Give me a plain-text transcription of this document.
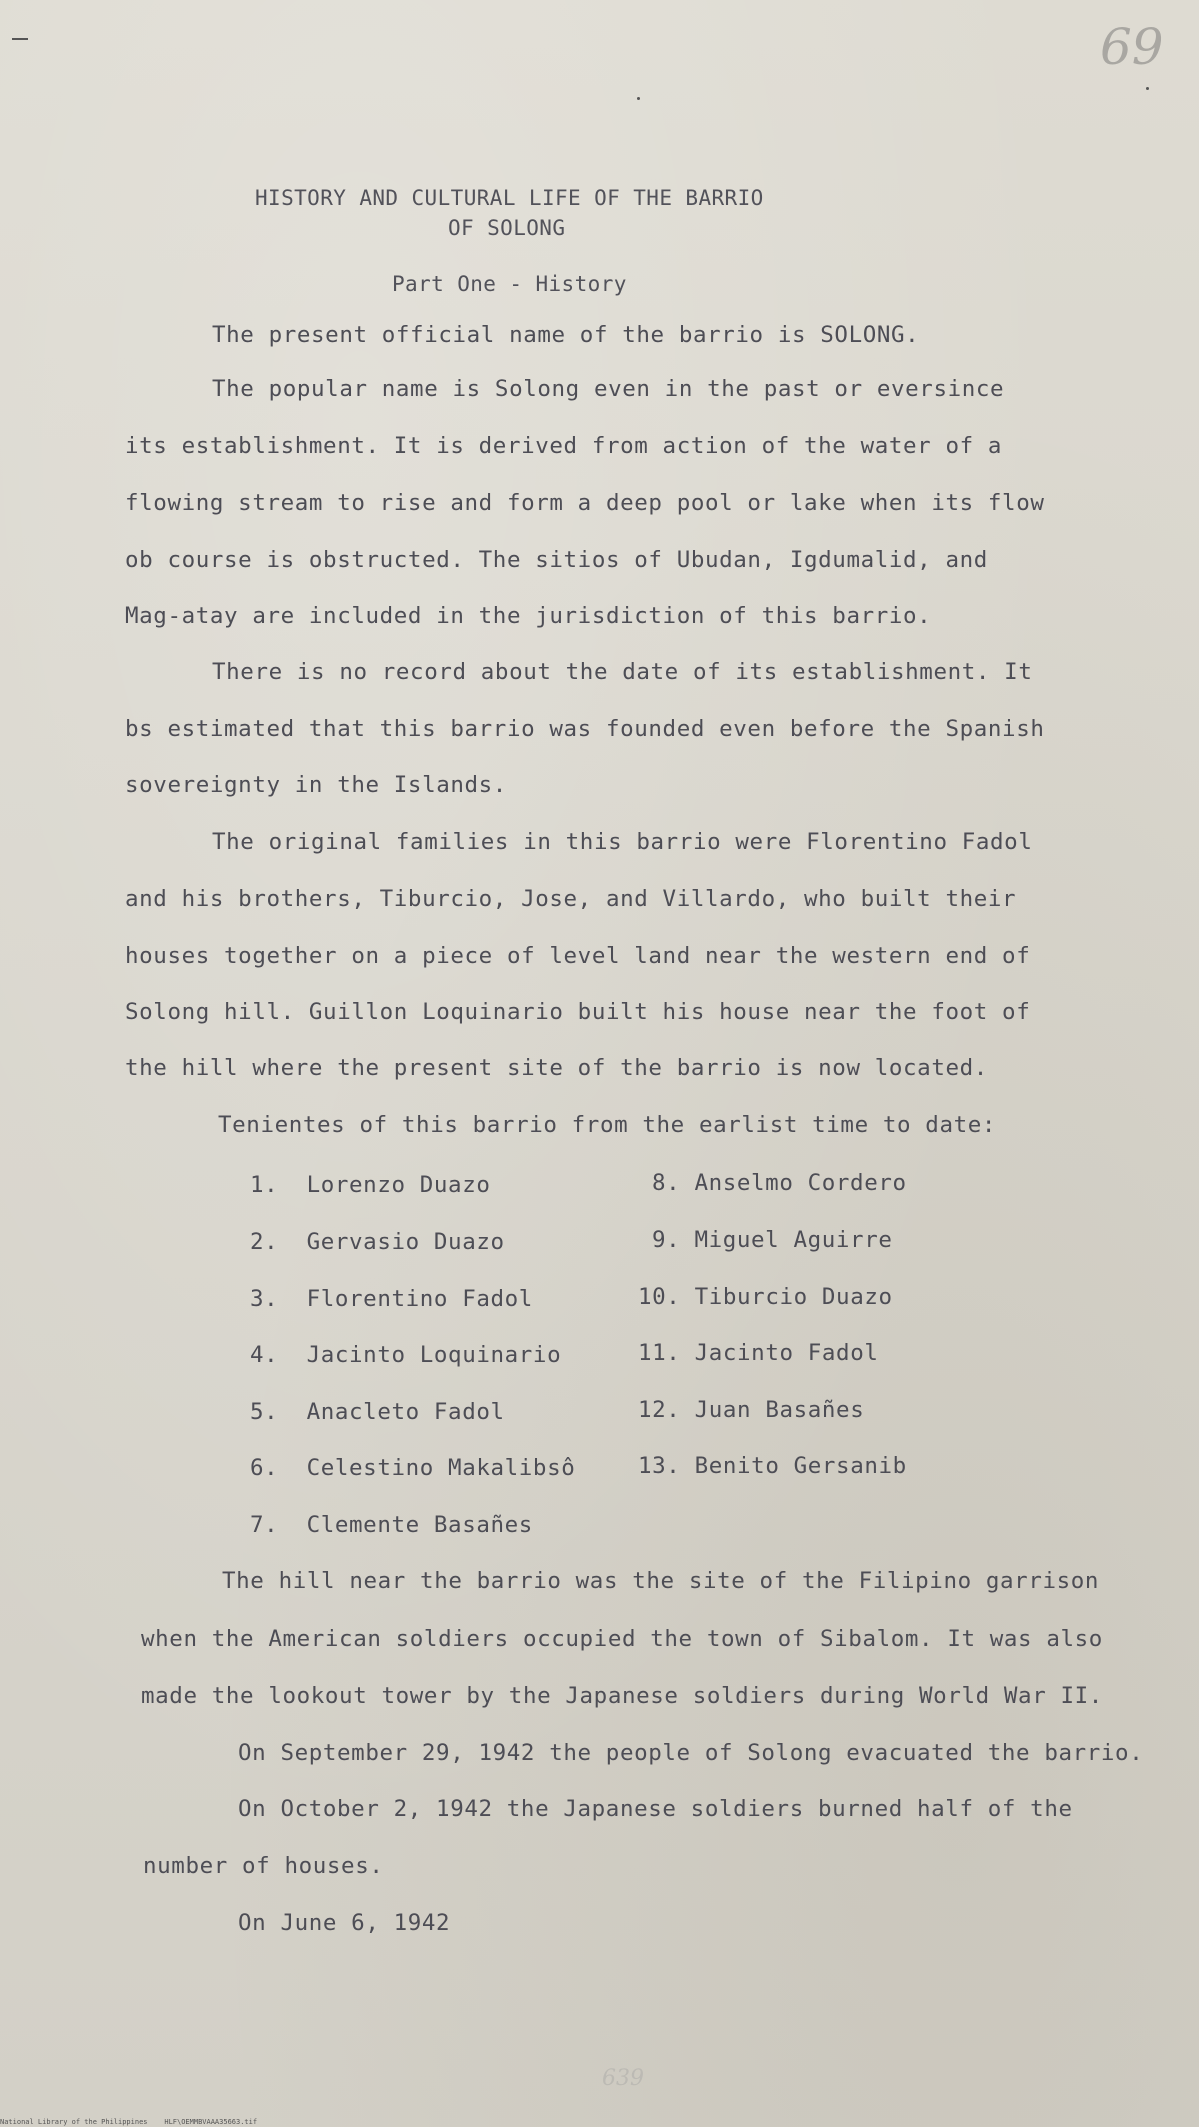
69
HISTORY AND CULTURAL LIFE OF THE BARRIO
OF SOLONG
Part One - History
The present official name of the barrio is SOLONG.
The popular name is Solong even in the past or eversince
its establishment. It is derived from action of the water of a
flowing stream to rise and form a deep pool or lake when its flow
ob course is obstructed. The sitios of Ubudan, Igdumalid, and
Mag-atay are included in the jurisdiction of this barrio.
There is no record about the date of its establishment. It
bs estimated that this barrio was founded even before the Spanish
sovereignty in the Islands.
The original families in this barrio were Florentino Fadol
and his brothers, Tiburcio, Jose, and Villardo, who built their
houses together on a piece of level land near the western end of
Solong hill. Guillon Loquinario built his house near the foot of
the hill where the present site of the barrio is now located.
Tenientes of this barrio from the earlist time to date:
1.  Lorenzo Duazo
2.  Gervasio Duazo
3.  Florentino Fadol
4.  Jacinto Loquinario
5.  Anacleto Fadol
6.  Celestino Makalibsô
7.  Clemente Basañes
8. Anselmo Cordero
9. Miguel Aguirre
10. Tiburcio Duazo
11. Jacinto Fadol
12. Juan Basañes
13. Benito Gersanib
The hill near the barrio was the site of the Filipino garrison
when the American soldiers occupied the town of Sibalom. It was also
made the lookout tower by the Japanese soldiers during World War II.
On September 29, 1942 the people of Solong evacuated the barrio.
On October 2, 1942 the Japanese soldiers burned half of the
number of houses.
On June 6, 1942
639
National Library of the Philippines    HLF\OEMMBVAAA35663.tif
